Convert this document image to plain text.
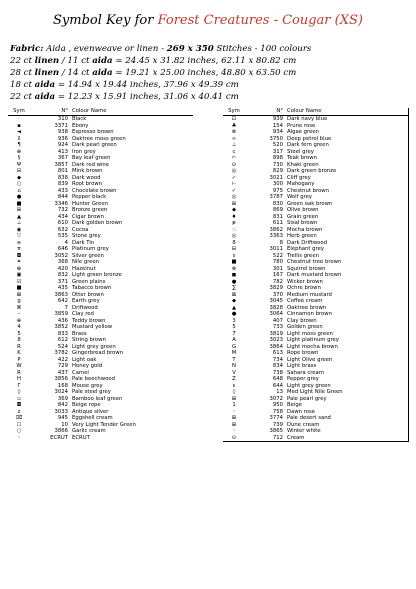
Symbol Key for Forest Creatures - Cougar (XS)
Fabric: Aida , evenweave or linen - 269 x 350 Stitches - 100 colours
22 ct linen / 11 ct aida = 24.45 x 31.82 inches, 62.11 x 80.82 cm
28 ct linen / 14 ct aida = 19.21 x 25.00 inches, 48.80 x 63.50 cm
18 ct aida = 14.94 x 19.44 inches, 37.96 x 49.39 cm
22 ct aida = 12.23 x 15.91 inches, 31.06 x 40.41 cm
Sym	N° Colour Name
·	310 Black
▪	3371 Ebony
◄	938 Espresso brown
↕	936 Oaktree moss green
¶	924 Dark pearl green
⊕	413 Iron grey
§	367 Bay leaf green
Ψ	3857 Dark red wine
⊟	801 Mink brown
◆	838 Dark wood
○	839 Root brown
⌂	433 Chocolate brown
●	844 Pepper black
■	3346 Hunter Green
⊞	732 Bronze green
▲	434 Cigar brown
⊥	610 Dark golden brown
◉	632 Cocoa
▽	535 Stone grey
≡	4 Dark Tin
π	646 Platinum grey
◘	3052 Silver green
✦	368 Nile green
⊕	420 Hazelnut
▣	832 Light green bronze
☑	371 Green plains
■	435 Tabacco brown
⊠	3863 Otter brown
g	642 Earth grey
⌘	7 Driftwood
–	3859 Clay red
⊕	436 Teddy brown
4	3852 Mustard yellow
5	833 Brass
8	612 String brown
R	524 Light grey green
K	3782 Gingerbread brown
P	422 Light oak
W	729 Honey gold
R	437 Camel
H	3856 Pale beechwood
Г	168 Mouse grey
◊	3024 Pale steel grey
▫	369 Bamboo leaf green
◘	842 Beige rope
z	3033 Antique silver
⌧	945 Eggshell cream
☐	10 Very Light Tender Green
○	3866 Garlic cream
◦	ECRUT ECRUT
Sym	N° Colour Name
⊡	939 Dark navy blue
♣	154 Prune rose
⊗	934 Algae green
∞	3750 Deep petrol blue
⊥	520 Dark fern green
c	317 Steel grey
⌐	898 Teak brown
⊙	730 Khaki green
◎	829 Dark green bronze
✓	3021 Cliff grey
⊢	300 Mahogany
✓	975 Chestnut brown
◎	3787 Wolf grey
⊞	830 Green oak brown
◆	869 Olive brown
♦	831 Grain green
ᵽ	611 Sisal brown
∷	3862 Mocha brown
◎	3363 Herb green
8	8 Dark Driftwood
⊟	3011 Elephant grey
ε	522 Trellis green
■	780 Chestnut tree brown
⊗	301 Squirrel brown
◼	167 Dark mustard brown
●	782 Wicker brown
∑	3829 Ochre brown
⊠	370 Medium mustard
◆	3045 Coffee cream
▲	3828 Oaktree brown
●	3064 Cinnamon brown
3	407 Clay brown
5	733 Golden green
7	3819 Light moss green
A	3023 Light platinum grey
G	3864 Light mocha brown
M	613 Rope brown
T	734 Light Olive green
N	834 Light brass
V	738 Sahara cream
Z	648 Pepper grey
ε	644 Light grey green
◊	13 Med Light Nile Green
⊞	3072 Pale pearl grey
1	950 Beige
◦	758 Dawn rose
⊞	3774 Pale desert sand
⊞	739 Dune cream
◦	3865 Winter white
⊙	712 Cream
